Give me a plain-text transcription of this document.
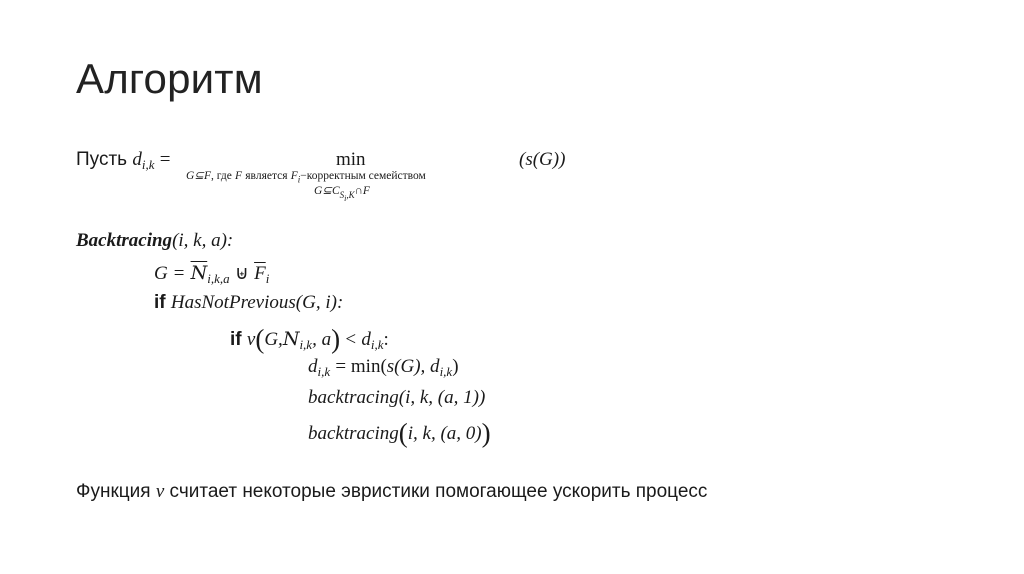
Алгоритм
Пусть $d_{i,k}$ =	min
G⊆F, где F является $F_i-корректным$ семейством
$G⊆C_{S_i,K}\cap F$
(s(G))
Backtracing(i, k, a):
$G = \overline{N}_{i,k,a}$ ⊎ $\overline{F}_i$
if HasNotPrevious(G, i):
if $v(G,N_{i,k}$, $a) < d_{i,k}$:
$d_{i,k} = \min(s(G)$, $d_{i,k}$)
backtracing(i, k, (a, 1))
backtracing(i, k, (a, 0))
Функция v считает некоторые эвристики помогающее ускорить процесс
